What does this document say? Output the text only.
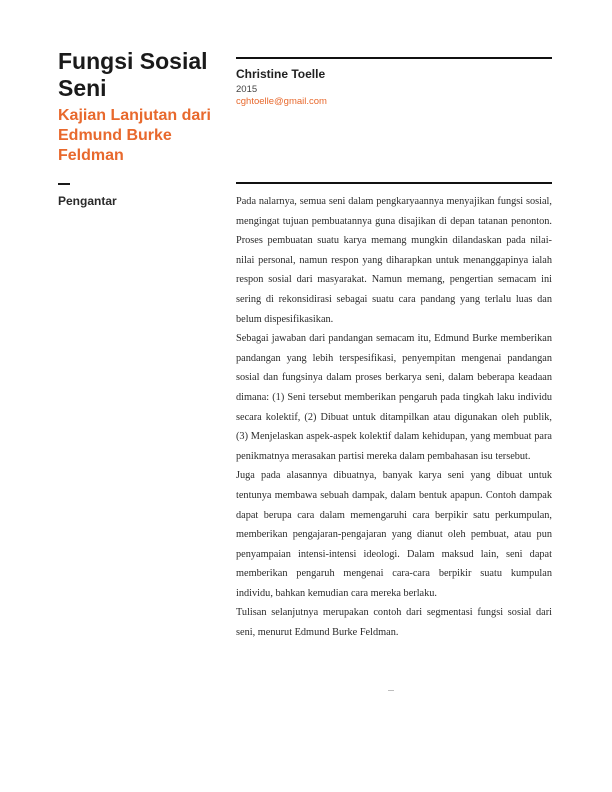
Fungsi Sosial Seni
Kajian Lanjutan dari Edmund Burke Feldman
Pengantar
Christine Toelle
2015
cghtoelle@gmail.com

Pada nalarnya, semua seni dalam pengkaryaannya menyajikan fungsi sosial, mengingat tujuan pembuatannya guna disajikan di depan tatanan penonton. Proses pembuatan suatu karya memang mungkin dilandaskan pada nilai-nilai personal, namun respon yang diharapkan untuk menanggapinya ialah respon sosial dari masyarakat. Namun memang, pengertian semacam ini sering di rekonsidirasi sebagai suatu cara pandang yang terlalu luas dan belum dispesifikasikan.

Sebagai jawaban dari pandangan semacam itu, Edmund Burke memberikan pandangan yang lebih terspesifikasi, penyempitan mengenai pandangan sosial dan fungsinya dalam proses berkarya seni, dalam beberapa keadaan dimana: (1) Seni tersebut memberikan pengaruh pada tingkah laku individu secara kolektif, (2) Dibuat untuk ditampilkan atau digunakan oleh publik, (3) Menjelaskan aspek-aspek kolektif dalam kehidupan, yang membuat para penikmatnya merasakan partisi mereka dalam pembahasan isu tersebut.

Juga pada alasannya dibuatnya, banyak karya seni yang dibuat untuk tentunya membawa sebuah dampak, dalam bentuk apapun. Contoh dampak dapat berupa cara dalam memengaruhi cara berpikir satu perkumpulan, memberikan pengajaran-pengajaran yang dianut oleh pembuat, atau pun penyampaian intensi-intensi ideologi. Dalam maksud lain, seni dapat memberikan pengaruh mengenai cara-cara berpikir suatu kumpulan individu, bahkan kemudian cara mereka berlaku.

Tulisan selanjutnya merupakan contoh dari segmentasi fungsi sosial dari seni, menurut Edmund Burke Feldman.

...
